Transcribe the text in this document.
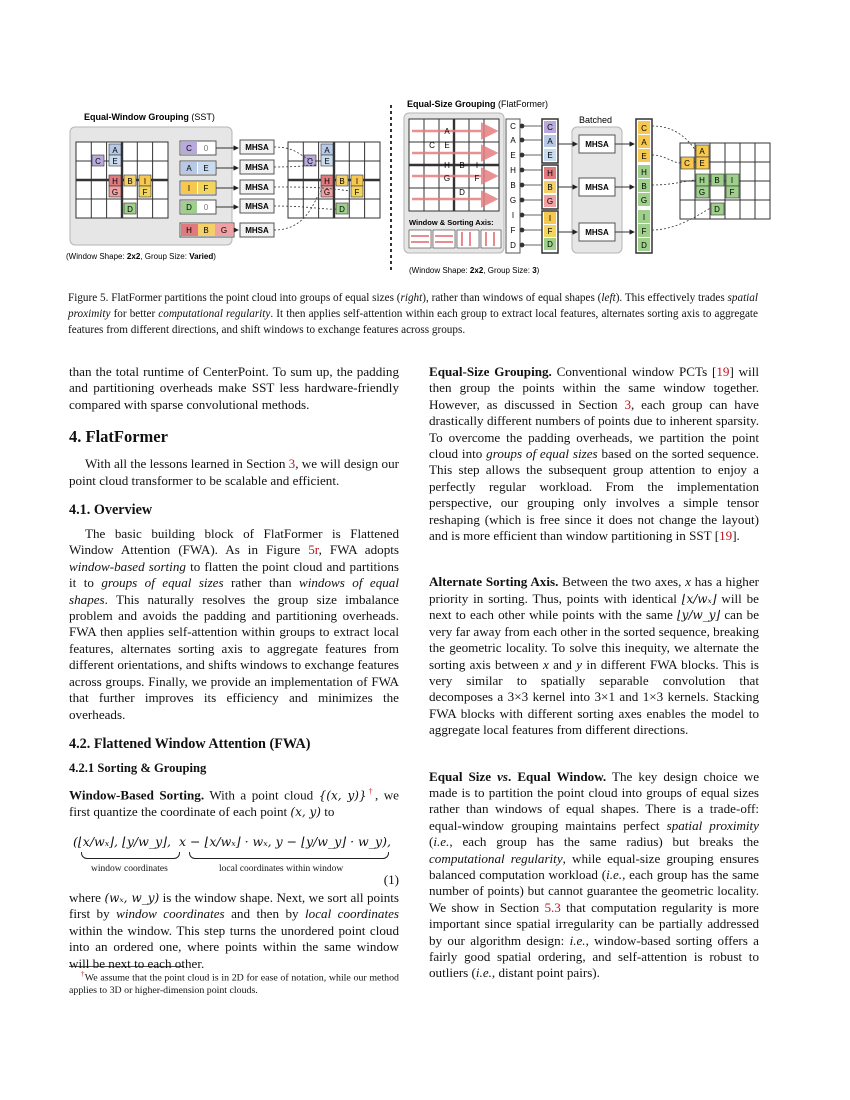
Equal-Window Grouping (SST)
A
C E
H
G
B I
F
D
C 0
A E
I F
D 0
H B G
MHSA
MHSA
MHSA
MHSA
MHSA
A
C E
H
G
B I
F
D
(Window Shape: 2x2, Group Size: Varied)
Equal-Size Grouping (FlatFormer)
A
C E
H B I
G	F
D
Window & Sorting Axis:
(Window Shape: 2x2, Group Size: 3)
C
A
E
H
B
G
I
F
D
C
A
E
H
B
G
I
F
D
Batched
MHSA
MHSA
MHSA
C
A
E
H
B
G
I
F
D
A
C E
H B I
G	F
D
Figure 5. FlatFormer partitions the point cloud into groups of equal sizes (right), rather than windows of equal shapes (left). This effectively trades spatial proximity for better computational regularity. It then applies self-attention within each group to extract local features, alternates sorting axis to aggregate features from different directions, and shift windows to exchange features across groups.

than the total runtime of CenterPoint. To sum up, the padding and partitioning overheads make SST less hardware-friendly compared with sparse convolutional methods.

4. FlatFormer

With all the lessons learned in Section 3, we will design our point cloud transformer to be scalable and efficient.

4.1. Overview

The basic building block of FlatFormer is Flattened Window Attention (FWA). As in Figure 5r, FWA adopts window-based sorting to flatten the point cloud and partitions it to groups of equal sizes rather than windows of equal shapes. This naturally resolves the group size imbalance problem and avoids the padding and partitioning overheads. FWA then applies self-attention within groups to extract local features, alternates sorting axis to aggregate features from different orientations, and shifts windows to exchange features across groups. Finally, we provide an implementation of FWA that further improves its efficiency and minimizes the overheads.

4.2. Flattened Window Attention (FWA)

4.2.1 Sorting & Grouping

Window-Based Sorting. With a point cloud {(x, y)}†, we first quantize the coordinate of each point (x, y) to

(⌊x/wₓ⌋, ⌊y/w_y⌋, x − ⌊x/wₓ⌋ · wₓ, y − ⌊y/w_y⌋ · w_y),
window coordinates	local coordinates within window
(1)

where (wₓ, w_y) is the window shape. Next, we sort all points first by window coordinates and then by local coordinates within the window. This step turns the unordered point cloud into an ordered one, where points within the same window will be next to each other.

†We assume that the point cloud is in 2D for ease of notation, while our method applies to 3D or higher-dimension point clouds.

Equal-Size Grouping. Conventional window PCTs [19] will then group the points within the same window together. However, as discussed in Section 3, each group can have drastically different numbers of points due to inherent sparsity. To overcome the padding overheads, we partition the point cloud into groups of equal sizes based on the sorted sequence. This step allows the subsequent group attention to enjoy a perfectly regular workload. From the implementation perspective, our grouping only involves a simple tensor reshaping (which is free since it does not change the layout) and is more efficient than window partitioning in SST [19].

Alternate Sorting Axis. Between the two axes, x has a higher priority in sorting. Thus, points with identical ⌊x/wₓ⌋ will be next to each other while points with the same ⌊y/w_y⌋ can be very far away from each other in the sorted sequence, breaking the geometric locality. To solve this inequity, we alternate the sorting axis between x and y in different FWA blocks. This is very similar to spatially separable convolution that decomposes a 3×3 kernel into 3×1 and 1×3 kernels. Stacking FWA blocks with different sorting axes enables the model to aggregate local features from different directions.

Equal Size vs. Equal Window. The key design choice we made is to partition the point cloud into groups of equal sizes rather than windows of equal shapes. There is a trade-off: equal-window grouping maintains perfect spatial proximity (i.e., each group has the same radius) but breaks the computational regularity, while equal-size grouping ensures balanced computation workload (i.e., each group has the same number of points) but cannot guarantee the geometric locality. We show in Section 5.3 that computation regularity is more important since spatial irregularity can be partially addressed by our algorithm design: i.e., window-based sorting offers a fairly good spatial ordering, and self-attention is robust to outliers (i.e., distant point pairs).
